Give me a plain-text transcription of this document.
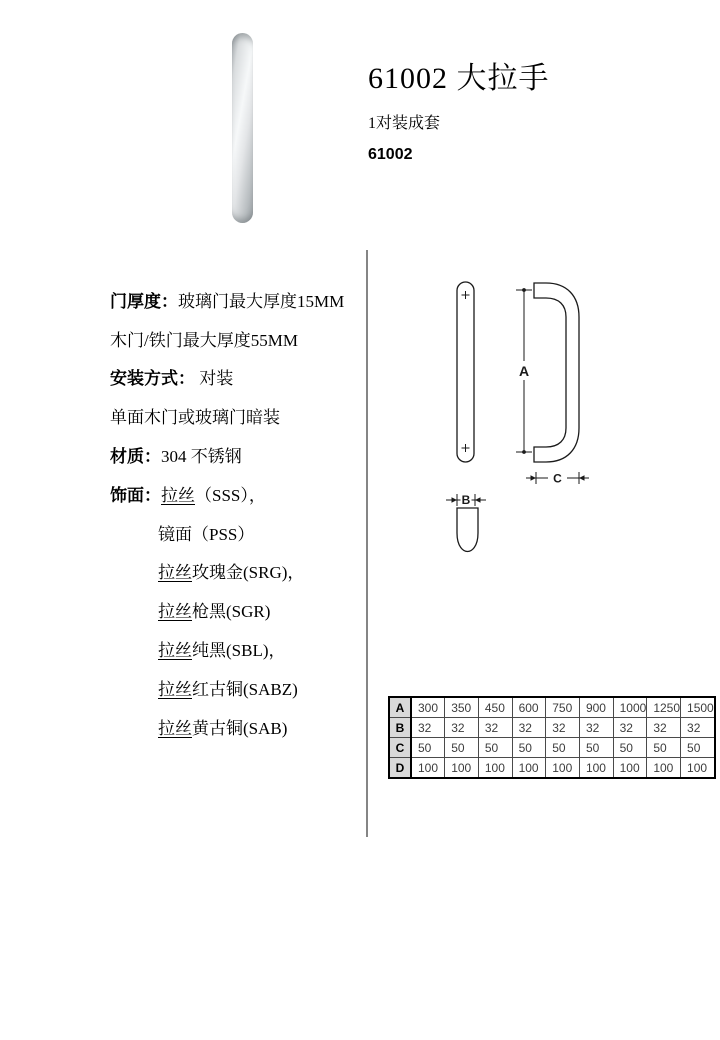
61002 大拉手
1对装成套
61002
门厚度： 玻璃门最大厚度15MM
木门/铁门最大厚度55MM
安装方式： 对装
单面木门或玻璃门暗装
材质： 304 不锈钢
饰面： 拉丝 （SSS），
镜面（PSS）
拉丝 玫瑰金(SRG)，
拉丝 枪黑(SGR)
拉丝 纯黑(SBL)，
拉丝 红古铜(SABZ)
拉丝 黄古铜(SAB)
A
C
B
A	300	350	450	600	750	900	1000	1250	1500
B	32	32	32	32	32	32	32	32	32
C	50	50	50	50	50	50	50	50	50
D	100	100	100	100	100	100	100	100	100
